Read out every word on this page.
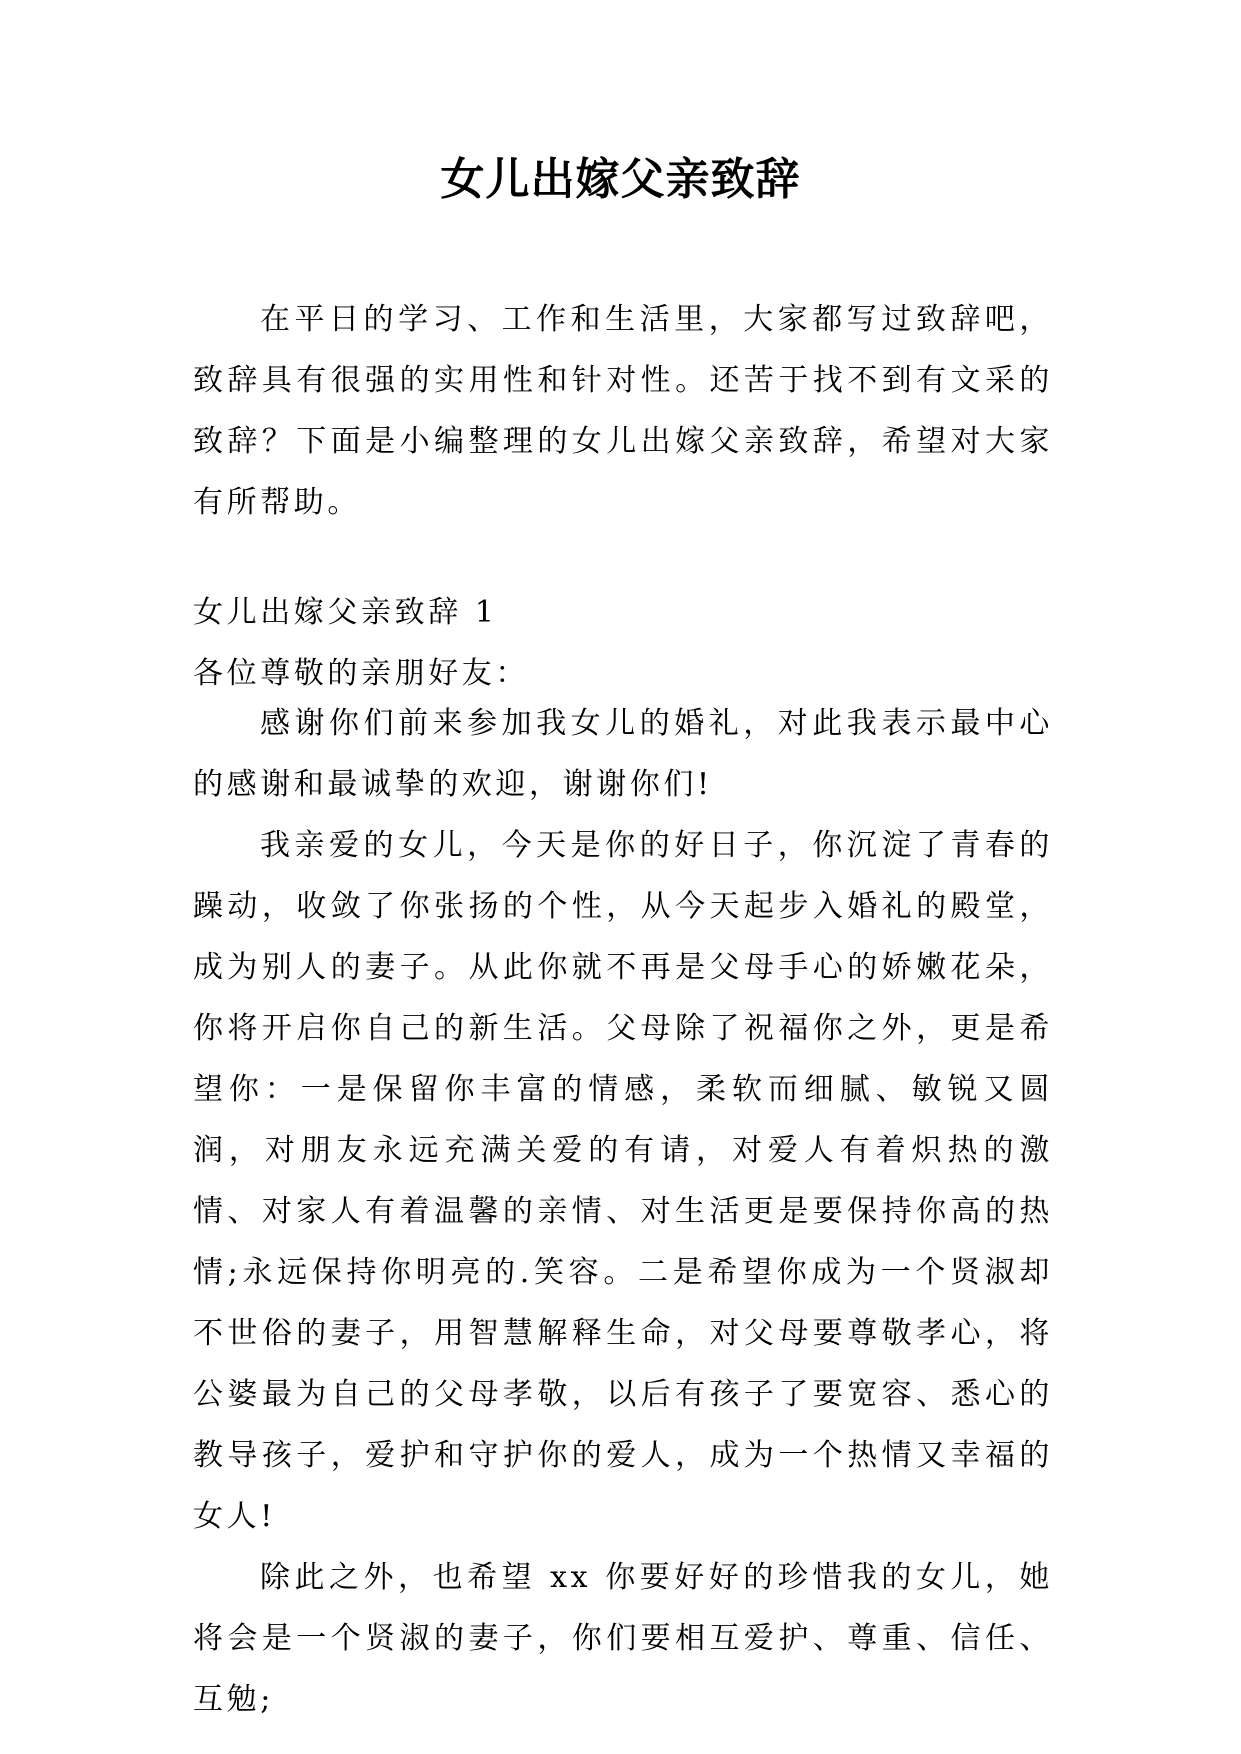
女儿出嫁父亲致辞

在平日的学习、工作和生活里，大家都写过致辞吧，致辞具有很强的实用性和针对性。还苦于找不到有文采的致辞？下面是小编整理的女儿出嫁父亲致辞，希望对大家有所帮助。

女儿出嫁父亲致辞 1

各位尊敬的亲朋好友：

感谢你们前来参加我女儿的婚礼，对此我表示最中心的感谢和最诚挚的欢迎，谢谢你们!

我亲爱的女儿，今天是你的好日子，你沉淀了青春的躁动，收敛了你张扬的个性，从今天起步入婚礼的殿堂，成为别人的妻子。从此你就不再是父母手心的娇嫩花朵，你将开启你自己的新生活。父母除了祝福你之外，更是希望你：一是保留你丰富的情感，柔软而细腻、敏锐又圆润，对朋友永远充满关爱的有请，对爱人有着炽热的激情、对家人有着温馨的亲情、对生活更是要保持你高的热情;永远保持你明亮的.笑容。二是希望你成为一个贤淑却不世俗的妻子，用智慧解释生命，对父母要尊敬孝心，将公婆最为自己的父母孝敬，以后有孩子了要宽容、悉心的教导孩子，爱护和守护你的爱人，成为一个热情又幸福的女人!

除此之外，也希望 xx 你要好好的珍惜我的女儿，她将会是一个贤淑的妻子，你们要相互爱护、尊重、信任、互勉;
